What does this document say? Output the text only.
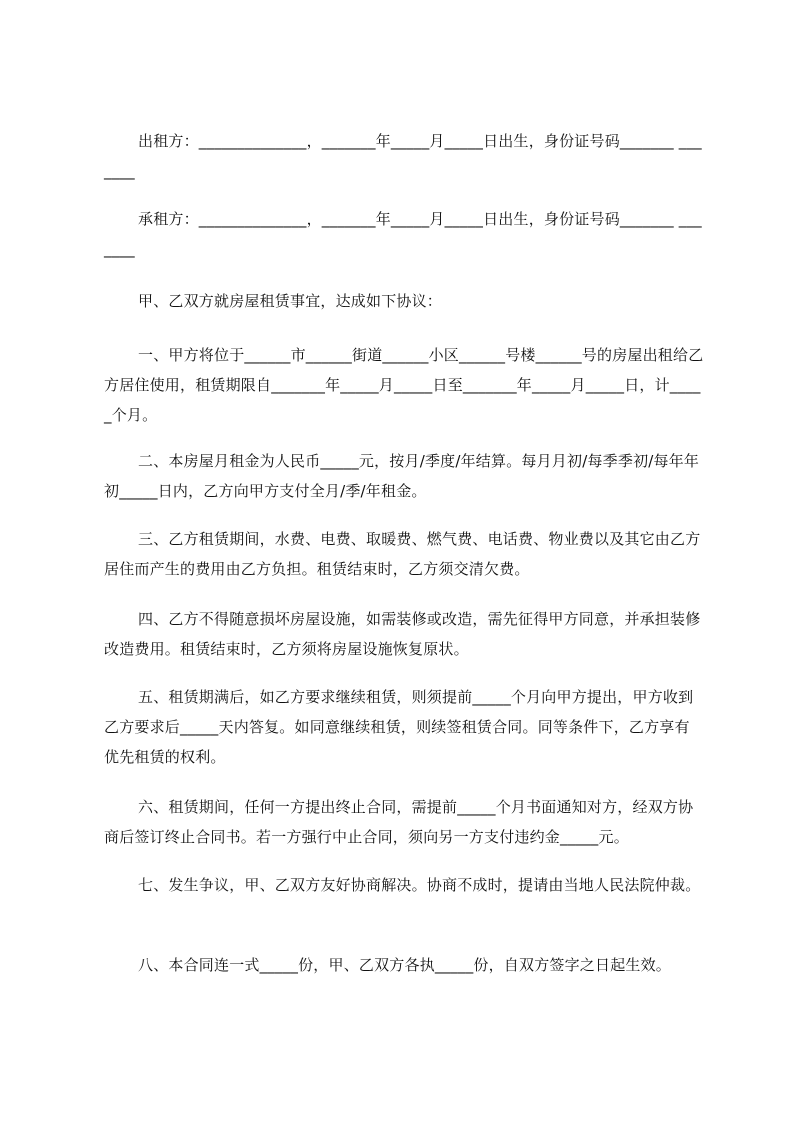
出租方：______________，_______年_____月_____日出生，身份证号码_______ _______

承租方：______________，_______年_____月_____日出生，身份证号码_______ _______

甲、乙双方就房屋租赁事宜，达成如下协议：

一、甲方将位于______市______街道______小区______号楼______号的房屋出租给乙方居住使用，租赁期限自_______年_____月_____日至_______年_____月_____日，计_____个月。

二、本房屋月租金为人民币_____元，按月/季度/年结算。每月月初/每季季初/每年年初_____日内，乙方向甲方支付全月/季/年租金。

三、乙方租赁期间，水费、电费、取暖费、燃气费、电话费、物业费以及其它由乙方居住而产生的费用由乙方负担。租赁结束时，乙方须交清欠费。

四、乙方不得随意损坏房屋设施，如需装修或改造，需先征得甲方同意，并承担装修改造费用。租赁结束时，乙方须将房屋设施恢复原状。

五、租赁期满后，如乙方要求继续租赁，则须提前_____个月向甲方提出，甲方收到乙方要求后_____天内答复。如同意继续租赁，则续签租赁合同。同等条件下，乙方享有优先租赁的权利。

六、租赁期间，任何一方提出终止合同，需提前_____个月书面通知对方，经双方协商后签订终止合同书。若一方强行中止合同，须向另一方支付违约金_____元。

七、发生争议，甲、乙双方友好协商解决。协商不成时，提请由当地人民法院仲裁。

八、本合同连一式_____份，甲、乙双方各执_____份，自双方签字之日起生效。
